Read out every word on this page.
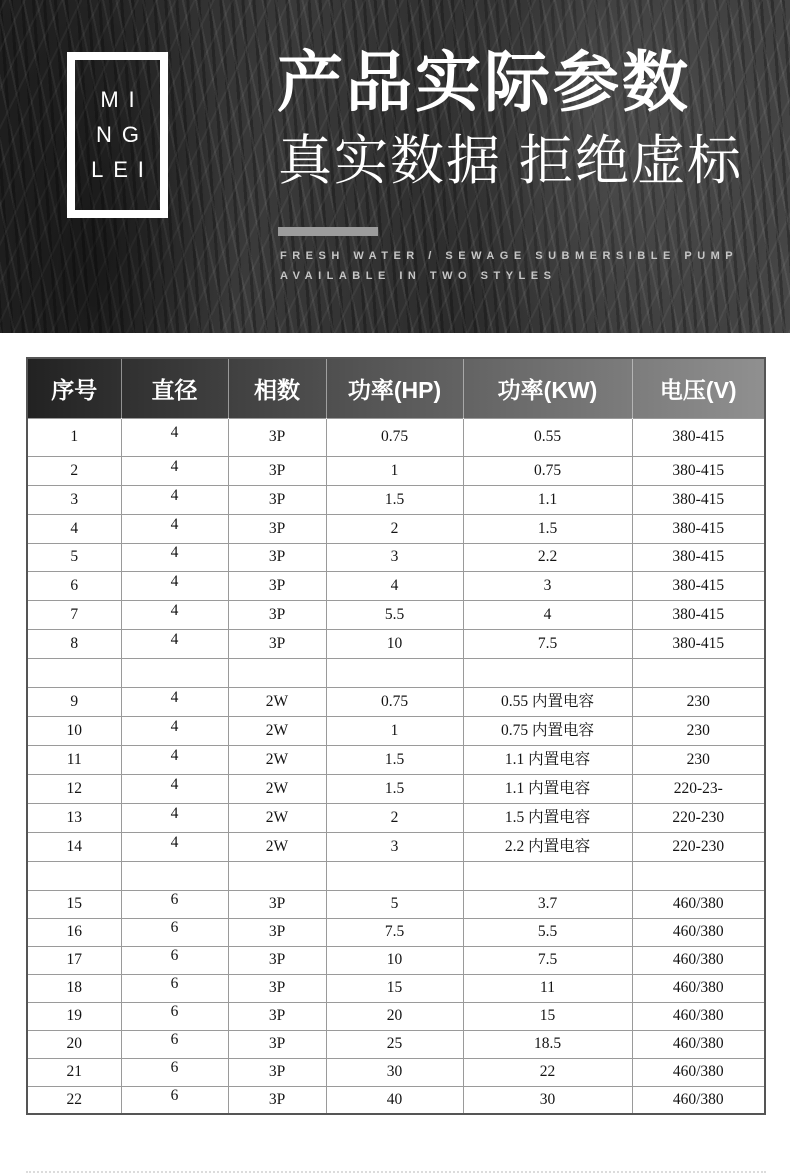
MI
NG
LEI
产品实际参数
真实数据 拒绝虚标
FRESH WATER / SEWAGE SUBMERSIBLE PUMP
AVAILABLE IN TWO STYLES
序号	直径	相数	功率(HP)	功率(KW)	电压(V)
1	4	3P	0.75	0.55	380-415
2	4	3P	1	0.75	380-415
3	4	3P	1.5	1.1	380-415
4	4	3P	2	1.5	380-415
5	4	3P	3	2.2	380-415
6	4	3P	4	3	380-415
7	4	3P	5.5	4	380-415
8	4	3P	10	7.5	380-415

9	4	2W	0.75	0.55 内置电容	230
10	4	2W	1	0.75 内置电容	230
11	4	2W	1.5	1.1 内置电容	230
12	4	2W	1.5	1.1 内置电容	220-23-
13	4	2W	2	1.5 内置电容	220-230
14	4	2W	3	2.2 内置电容	220-230

15	6	3P	5	3.7	460/380
16	6	3P	7.5	5.5	460/380
17	6	3P	10	7.5	460/380
18	6	3P	15	11	460/380
19	6	3P	20	15	460/380
20	6	3P	25	18.5	460/380
21	6	3P	30	22	460/380
22	6	3P	40	30	460/380
